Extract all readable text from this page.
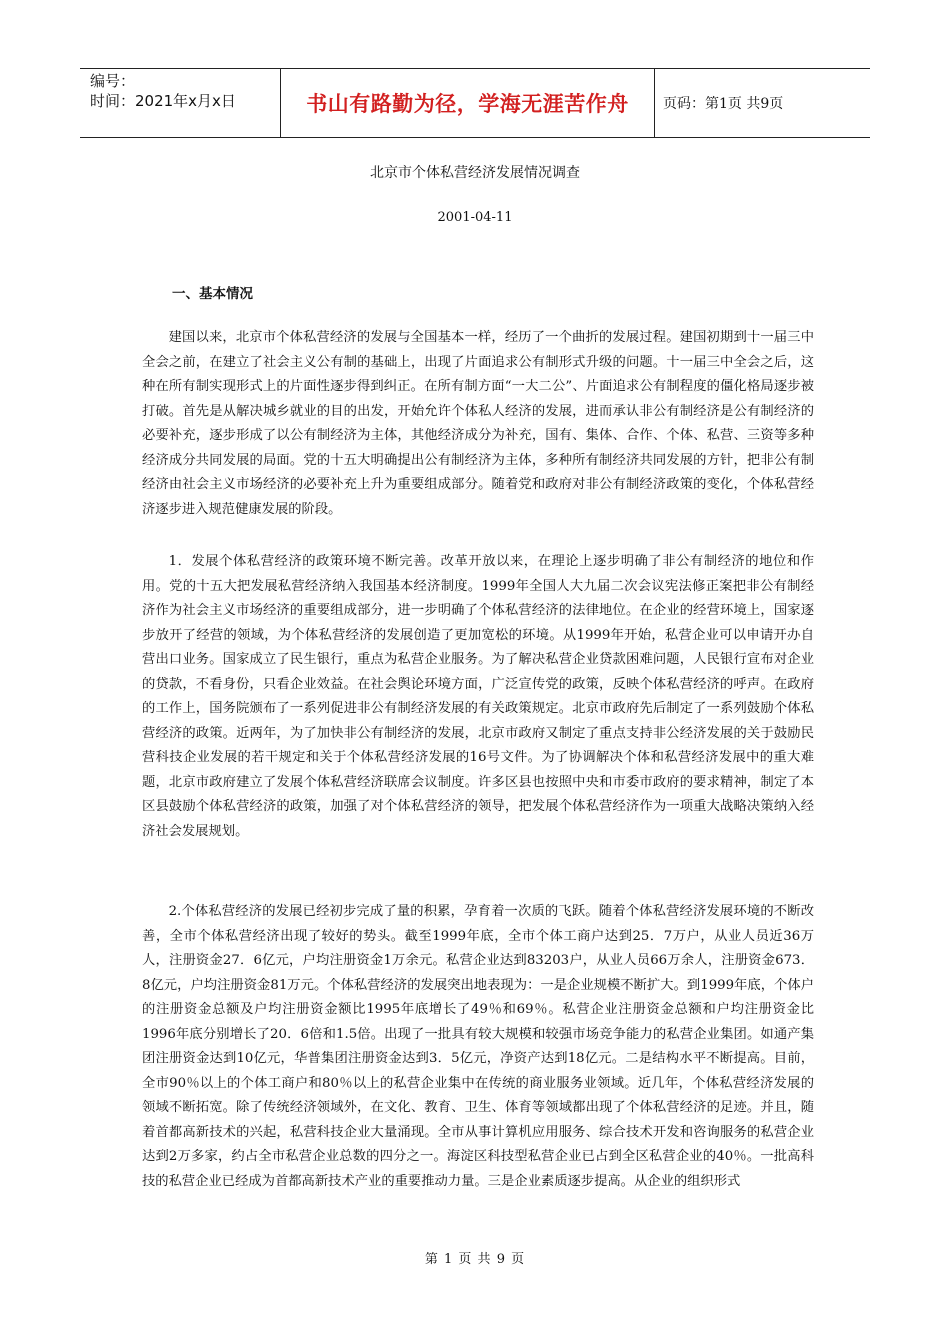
编号：
时间：2021年x月x日	书山有路勤为径，学海无涯苦作舟	页码：第1页 共9页
北京市个体私营经济发展情况调查
2001-04-11
一、基本情况

建国以来，北京市个体私营经济的发展与全国基本一样，经历了一个曲折的发展过程。建国初期到十一届三中全会之前，在建立了社会主义公有制的基础上，出现了片面追求公有制形式升级的问题。十一届三中全会之后，这种在所有制实现形式上的片面性逐步得到纠正。在所有制方面“一大二公”、片面追求公有制程度的僵化格局逐步被打破。首先是从解决城乡就业的目的出发，开始允许个体私人经济的发展，进而承认非公有制经济是公有制经济的必要补充，逐步形成了以公有制经济为主体，其他经济成分为补充，国有、集体、合作、个体、私营、三资等多种经济成分共同发展的局面。党的十五大明确提出公有制经济为主体，多种所有制经济共同发展的方针，把非公有制经济由社会主义市场经济的必要补充上升为重要组成部分。随着党和政府对非公有制经济政策的变化，个体私营经济逐步进入规范健康发展的阶段。

1．发展个体私营经济的政策环境不断完善。改革开放以来，在理论上逐步明确了非公有制经济的地位和作用。党的十五大把发展私营经济纳入我国基本经济制度。1999年全国人大九届二次会议宪法修正案把非公有制经济作为社会主义市场经济的重要组成部分，进一步明确了个体私营经济的法律地位。在企业的经营环境上，国家逐步放开了经营的领域，为个体私营经济的发展创造了更加宽松的环境。从1999年开始，私营企业可以申请开办自营出口业务。国家成立了民生银行，重点为私营企业服务。为了解决私营企业贷款困难问题，人民银行宣布对企业的贷款，不看身份，只看企业效益。在社会舆论环境方面，广泛宣传党的政策，反映个体私营经济的呼声。在政府的工作上，国务院颁布了一系列促进非公有制经济发展的有关政策规定。北京市政府先后制定了一系列鼓励个体私营经济的政策。近两年，为了加快非公有制经济的发展，北京市政府又制定了重点支持非公经济发展的关于鼓励民营科技企业发展的若干规定和关于个体私营经济发展的16号文件。为了协调解决个体和私营经济发展中的重大难题，北京市政府建立了发展个体私营经济联席会议制度。许多区县也按照中央和市委市政府的要求精神，制定了本区县鼓励个体私营经济的政策，加强了对个体私营经济的领导，把发展个体私营经济作为一项重大战略决策纳入经济社会发展规划。

2.个体私营经济的发展已经初步完成了量的积累，孕育着一次质的飞跃。随着个体私营经济发展环境的不断改善，全市个体私营经济出现了较好的势头。截至1999年底，全市个体工商户达到25．7万户，从业人员近36万人，注册资金27．6亿元，户均注册资金1万余元。私营企业达到83203户，从业人员66万余人，注册资金673．8亿元，户均注册资金81万元。个体私营经济的发展突出地表现为：一是企业规模不断扩大。到1999年底，个体户的注册资金总额及户均注册资金额比1995年底增长了49％和69％。私营企业注册资金总额和户均注册资金比1996年底分别增长了20．6倍和1.5倍。出现了一批具有较大规模和较强市场竞争能力的私营企业集团。如通产集团注册资金达到10亿元，华普集团注册资金达到3．5亿元，净资产达到18亿元。二是结构水平不断提高。目前，全市90％以上的个体工商户和80％以上的私营企业集中在传统的商业服务业领域。近几年，个体私营经济发展的领域不断拓宽。除了传统经济领域外，在文化、教育、卫生、体育等领域都出现了个体私营经济的足迹。并且，随着首都高新技术的兴起，私营科技企业大量涌现。全市从事计算机应用服务、综合技术开发和咨询服务的私营企业达到2万多家，约占全市私营企业总数的四分之一。海淀区科技型私营企业已占到全区私营企业的40％。一批高科技的私营企业已经成为首都高新技术产业的重要推动力量。三是企业素质逐步提高。从企业的组织形式

第 1 页 共 9 页
